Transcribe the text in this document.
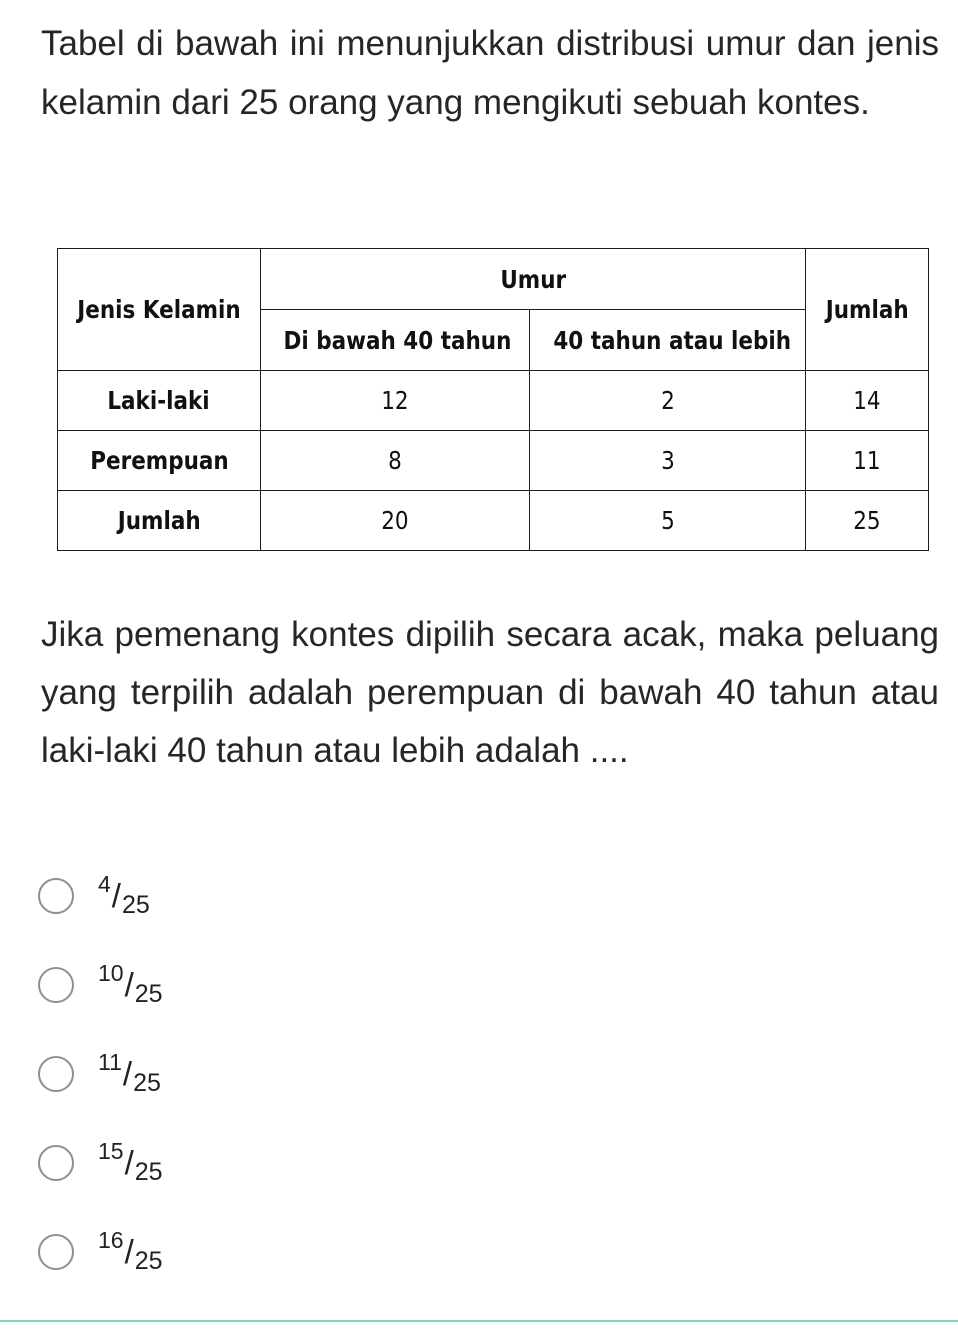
Tabel di bawah ini menunjukkan distribusi umur dan jenis kelamin dari 25 orang yang mengikuti sebuah kontes.

Jenis Kelamin	Umur		Jumlah
	Di bawah 40 tahun	40 tahun atau lebih	
Laki-laki	12	2	14
Perempuan	8	3	11
Jumlah	20	5	25

Jika pemenang kontes dipilih secara acak, maka peluang yang terpilih adalah perempuan di bawah 40 tahun atau laki-laki 40 tahun atau lebih adalah ....

4 / 25
10 / 25
11 / 25
15 / 25
16 / 25
